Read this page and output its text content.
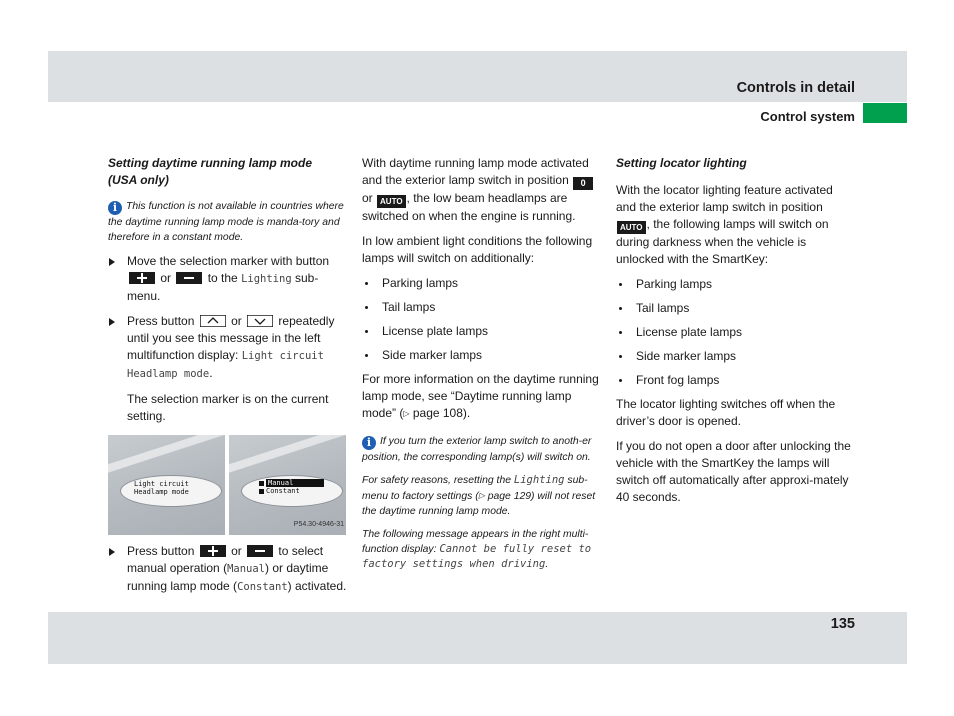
Controls in detail
Control system

Setting daytime running lamp mode
(USA only)

i This function is not available in countries where the daytime running lamp mode is manda-tory and therefore in a constant mode.

Move the selection marker with button  or	to the Lighting sub-menu.
Press button	or	repeatedly until you see this message in the left multifunction display: Light circuit Headlamp mode.

The selection marker is on the current setting.

Light circuit
Headlamp mode
Manual
Constant
P54.30-4946-31
Press button	or	to select manual operation (Manual) or daytime running lamp mode (Constant) activated.

With daytime running lamp mode activated and the exterior lamp switch in position 0 or AUTO , the low beam headlamps are switched on when the engine is running.

In low ambient light conditions the following lamps will switch on additionally:

Parking lamps
Tail lamps
License plate lamps
Side marker lamps

For more information on the daytime running lamp mode, see “Daytime running lamp mode” (▷ page 108).

i If you turn the exterior lamp switch to anoth-er position, the corresponding lamp(s) will switch on.

For safety reasons, resetting the Lighting sub-menu to factory settings (▷ page 129) will not reset the daytime running lamp mode.

The following message appears in the right multi-function display: Cannot be fully reset to factory settings when driving.

Setting locator lighting

With the locator lighting feature activated and the exterior lamp switch in position AUTO , the following lamps will switch on during darkness when the vehicle is unlocked with the SmartKey:

Parking lamps
Tail lamps
License plate lamps
Side marker lamps
Front fog lamps

The locator lighting switches off when the driver’s door is opened.

If you do not open a door after unlocking the vehicle with the SmartKey the lamps will switch off automatically after approxi-mately 40 seconds.

135
